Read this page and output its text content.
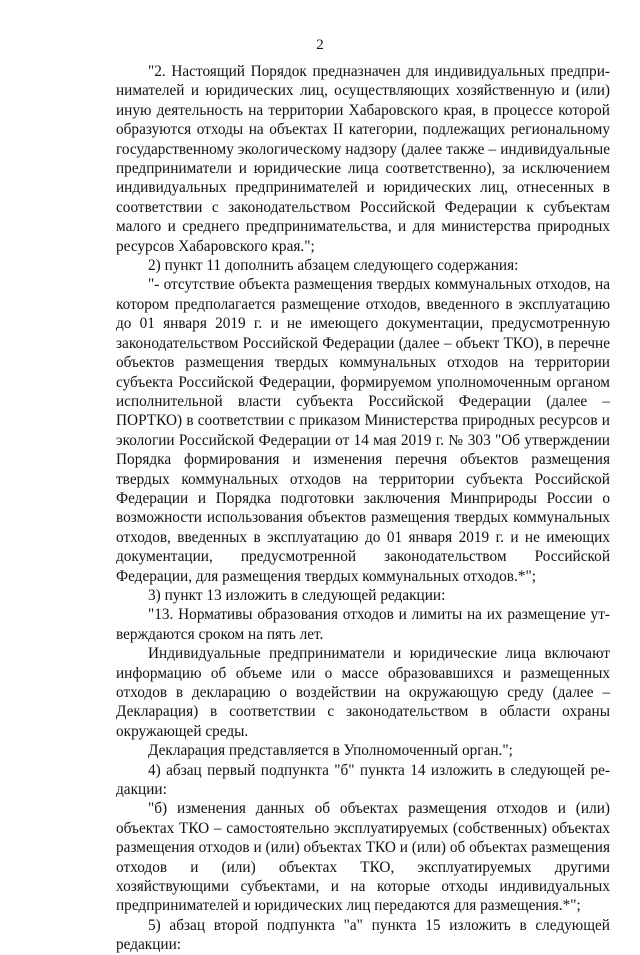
2

"2. Настоящий Порядок предназначен для индивидуальных предпринимателей и юридических лиц, осуществляющих хозяйственную и (или) иную деятельность на территории Хабаровского края, в процессе которой образуются отходы на объектах II категории, подлежащих региональному государственному экологическому надзору (далее также – индивидуальные предприниматели и юридические лица соответственно), за исключением индивидуальных предпринимателей и юридических лиц, отнесенных в соответствии с законодательством Российской Федерации к субъектам малого и среднего предпринимательства, и для министерства природных ресурсов Хабаровского края.";

2) пункт 11 дополнить абзацем следующего содержания:

"- отсутствие объекта размещения твердых коммунальных отходов, на котором предполагается размещение отходов, введенного в эксплуатацию до 01 января 2019 г. и не имеющего документации, предусмотренную законодательством Российской Федерации (далее – объект ТКО), в перечне объектов размещения твердых коммунальных отходов на территории субъекта Российской Федерации, формируемом уполномоченным органом исполнительной власти субъекта Российской Федерации (далее – ПОРТКО) в соответствии с приказом Министерства природных ресурсов и экологии Российской Федерации от 14 мая 2019 г. № 303 "Об утверждении Порядка формирования и изменения перечня объектов размещения твердых коммунальных отходов на территории субъекта Российской Федерации и Порядка подготовки заключения Минприроды России о возможности использования объектов размещения твердых коммунальных отходов, введенных в эксплуатацию до 01 января 2019 г. и не имеющих документации, предусмотренной законодательством Российской Федерации, для размещения твердых коммунальных отходов.*";

3) пункт 13 изложить в следующей редакции:

"13. Нормативы образования отходов и лимиты на их размещение утверждаются сроком на пять лет.

Индивидуальные предприниматели и юридические лица включают информацию об объеме или о массе образовавшихся и размещенных отходов в декларацию о воздействии на окружающую среду (далее – Декларация) в соответствии с законодательством в области охраны окружающей среды.

Декларация представляется в Уполномоченный орган.";

4) абзац первый подпункта "б" пункта 14 изложить в следующей редакции:

"б) изменения данных об объектах размещения отходов и (или) объектах ТКО – самостоятельно эксплуатируемых (собственных) объектах размещения отходов и (или) объектах ТКО и (или) об объектах размещения отходов и (или) объектах ТКО, эксплуатируемых другими хозяйствующими субъектами, и на которые отходы индивидуальных предпринимателей и юридических лиц передаются для размещения.*";

5) абзац второй подпункта "а" пункта 15 изложить в следующей редакции:
